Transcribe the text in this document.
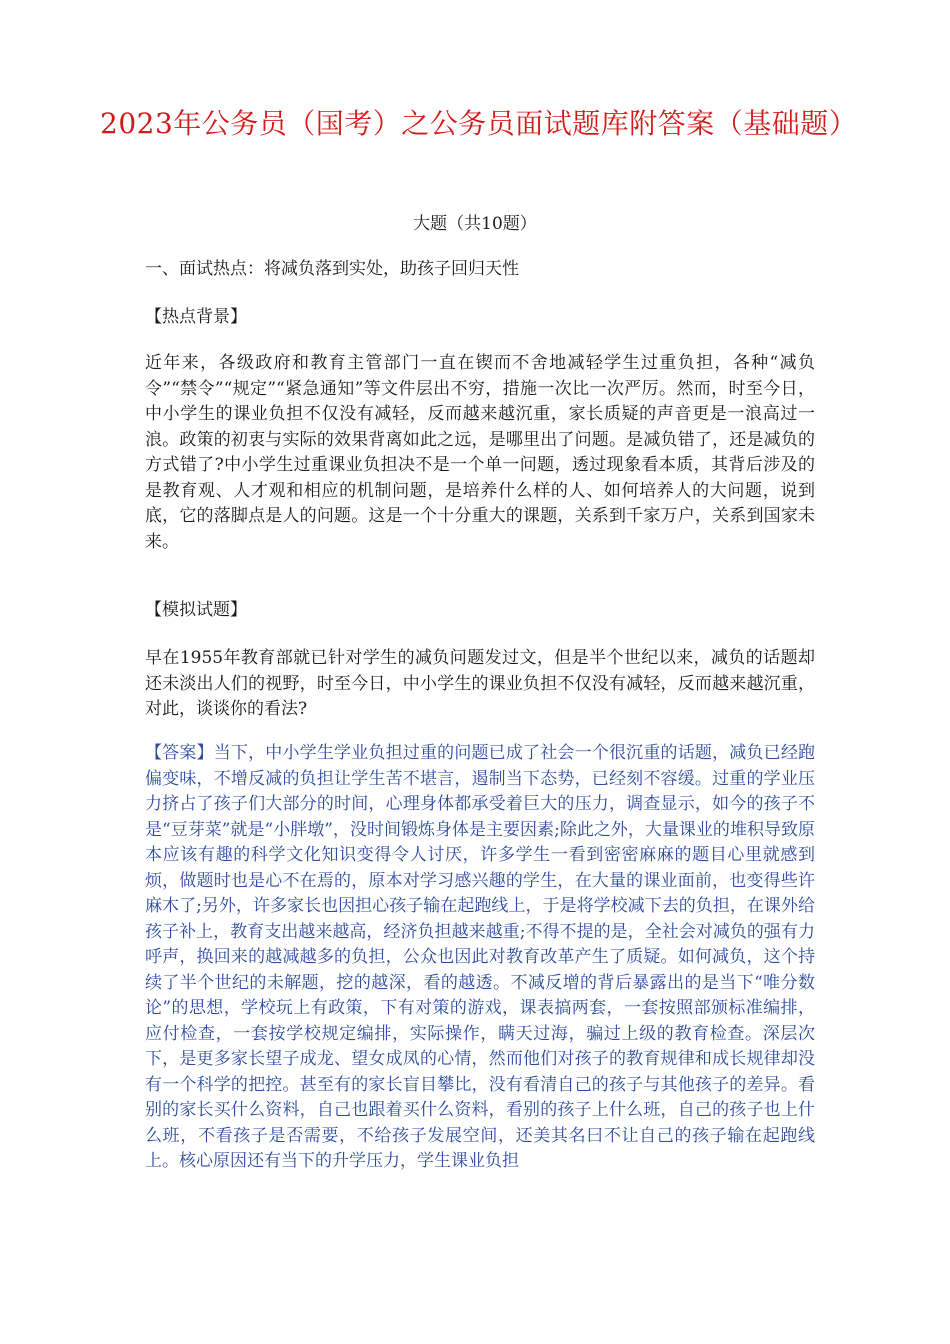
2023年公务员（国考）之公务员面试题库附答案（基础题）
大题（共10题）

一、面试热点：将减负落到实处，助孩子回归天性

【热点背景】

近年来，各级政府和教育主管部门一直在锲而不舍地减轻学生过重负担，各种“减负令”“禁令”“规定”“紧急通知”等文件层出不穷，措施一次比一次严厉。然而，时至今日，中小学生的课业负担不仅没有减轻，反而越来越沉重，家长质疑的声音更是一浪高过一浪。政策的初衷与实际的效果背离如此之远，是哪里出了问题。是减负错了，还是减负的方式错了?中小学生过重课业负担决不是一个单一问题，透过现象看本质，其背后涉及的是教育观、人才观和相应的机制问题，是培养什么样的人、如何培养人的大问题，说到底，它的落脚点是人的问题。这是一个十分重大的课题，关系到千家万户，关系到国家未来。

【模拟试题】

早在1955年教育部就已针对学生的减负问题发过文，但是半个世纪以来，减负的话题却还未淡出人们的视野，时至今日，中小学生的课业负担不仅没有减轻，反而越来越沉重，对此，谈谈你的看法?

【答案】当下，中小学生学业负担过重的问题已成了社会一个很沉重的话题，减负已经跑偏变味，不增反减的负担让学生苦不堪言，遏制当下态势，已经刻不容缓。过重的学业压力挤占了孩子们大部分的时间，心理身体都承受着巨大的压力，调查显示，如今的孩子不是“豆芽菜”就是“小胖墩”，没时间锻炼身体是主要因素;除此之外，大量课业的堆积导致原本应该有趣的科学文化知识变得令人讨厌，许多学生一看到密密麻麻的题目心里就感到烦，做题时也是心不在焉的，原本对学习感兴趣的学生，在大量的课业面前，也变得些许麻木了;另外，许多家长也因担心孩子输在起跑线上，于是将学校减下去的负担，在课外给孩子补上，教育支出越来越高，经济负担越来越重;不得不提的是，全社会对减负的强有力呼声，换回来的越减越多的负担，公众也因此对教育改革产生了质疑。如何减负，这个持续了半个世纪的未解题，挖的越深，看的越透。不减反增的背后暴露出的是当下“唯分数论”的思想，学校玩上有政策，下有对策的游戏，课表搞两套，一套按照部颁标准编排，应付检查，一套按学校规定编排，实际操作，瞒天过海，骗过上级的教育检查。深层次下，是更多家长望子成龙、望女成凤的心情，然而他们对孩子的教育规律和成长规律却没有一个科学的把控。甚至有的家长盲目攀比，没有看清自己的孩子与其他孩子的差异。看别的家长买什么资料，自己也跟着买什么资料，看别的孩子上什么班，自己的孩子也上什么班，不看孩子是否需要，不给孩子发展空间，还美其名曰不让自己的孩子输在起跑线上。核心原因还有当下的升学压力，学生课业负担
